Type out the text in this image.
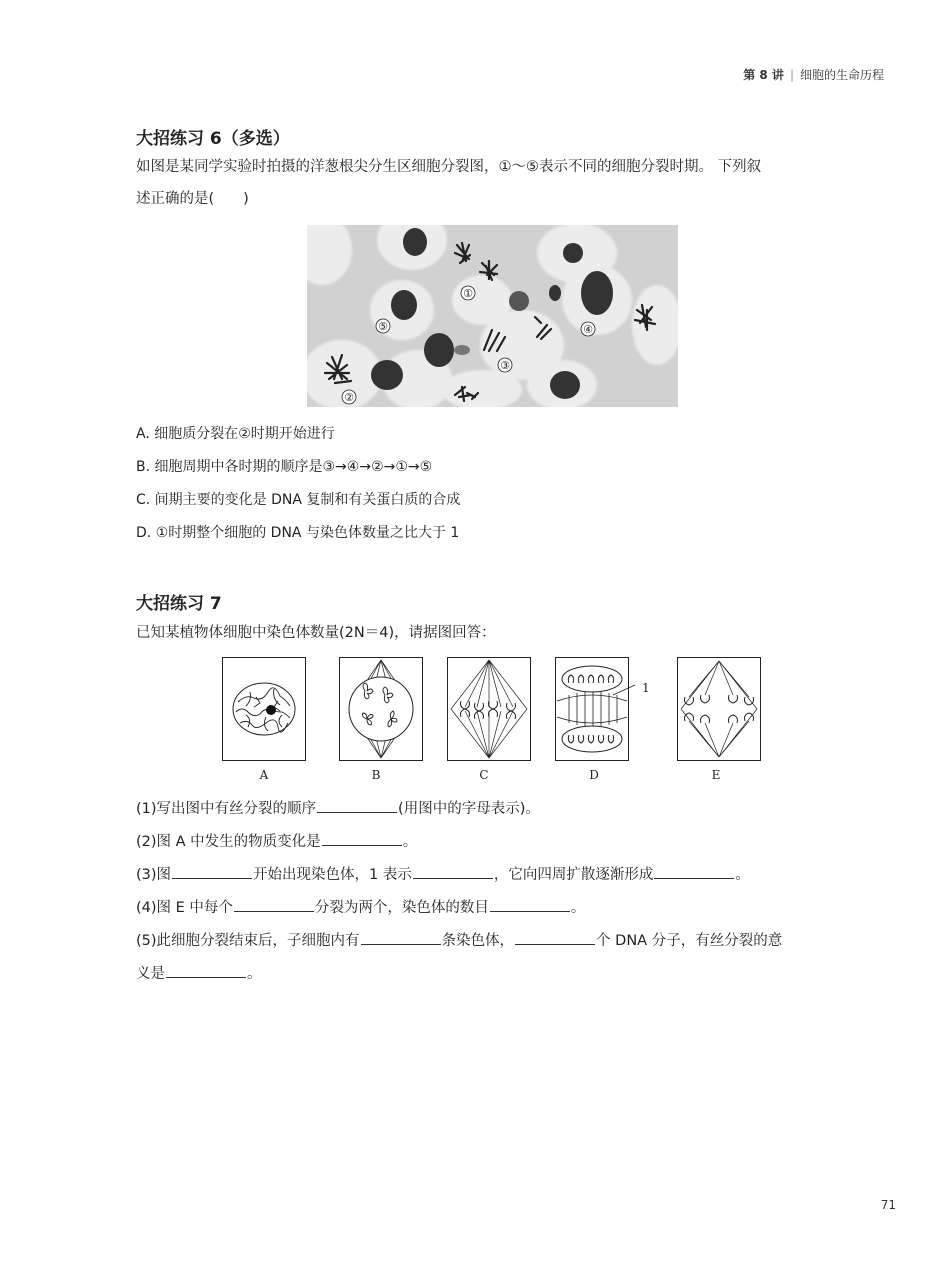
第 8 讲 | 细胞的生命历程
大招练习 6（多选）
如图是某同学实验时拍摄的洋葱根尖分生区细胞分裂图，①～⑤表示不同的细胞分裂时期。 下列叙
述正确的是(　　)
①
②
③
④
⑤
A. 细胞质分裂在②时期开始进行
B. 细胞周期中各时期的顺序是③→④→②→①→⑤
C. 间期主要的变化是 DNA 复制和有关蛋白质的合成
D. ①时期整个细胞的 DNA 与染色体数量之比大于 1
大招练习 7
已知某植物体细胞中染色体数量(2N＝4)，请据图回答：
1
A	B	C	D	E
(1)写出图中有丝分裂的顺序	(用图中的字母表示)。
(2)图 A 中发生的物质变化是	。
(3)图	开始出现染色体，1 表示	，它向四周扩散逐渐形成	。
(4)图 E 中每个	分裂为两个，染色体的数目	。
(5)此细胞分裂结束后，子细胞内有	条染色体，	个 DNA 分子，有丝分裂的意
义是	。
71
